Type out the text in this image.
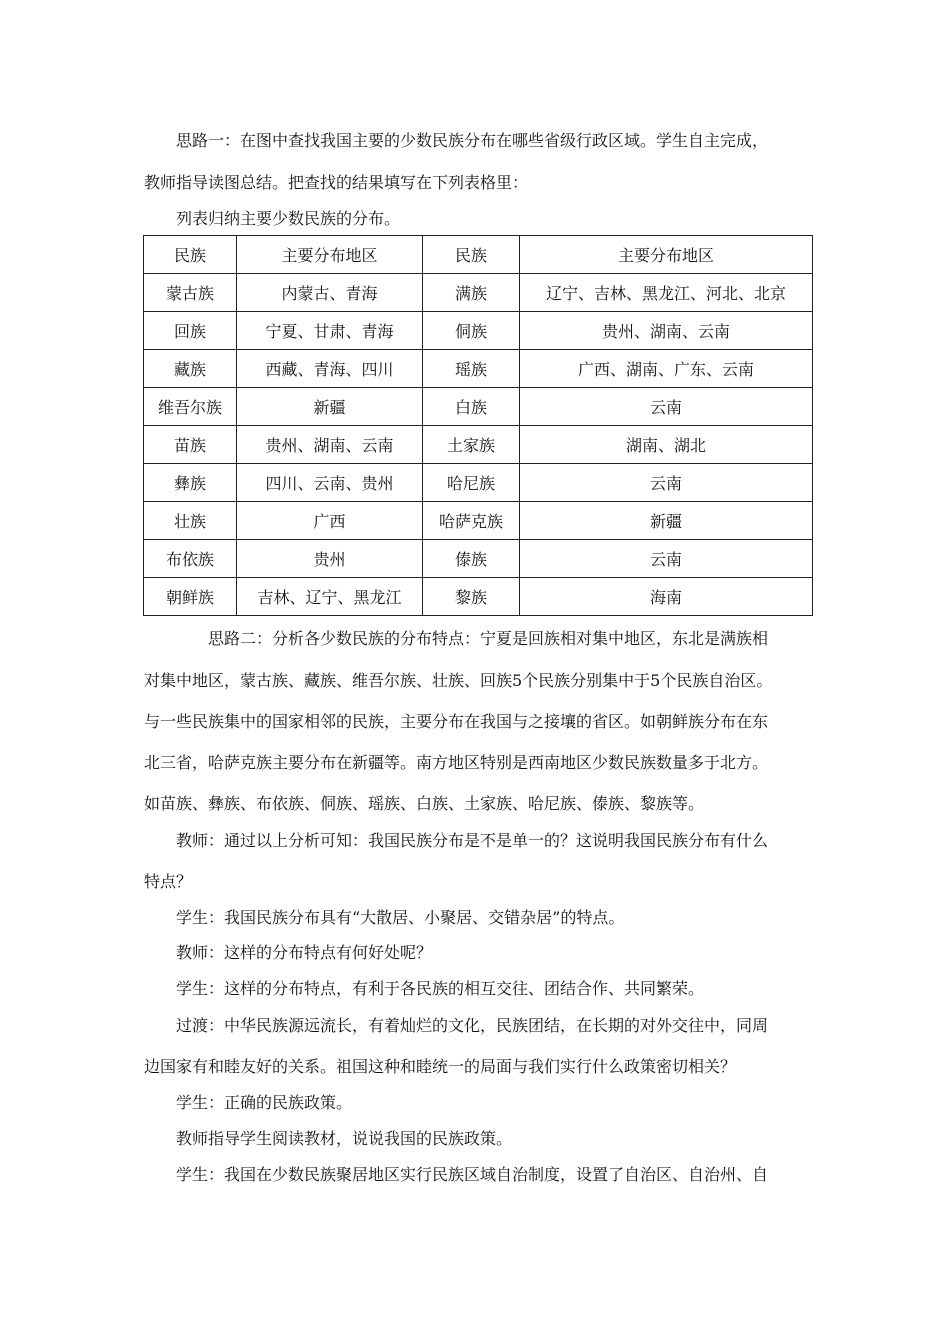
思路一：在图中查找我国主要的少数民族分布在哪些省级行政区域。学生自主完成，

教师指导读图总结。把查找的结果填写在下列表格里：

列表归纳主要少数民族的分布。

民族	主要分布地区	民族	主要分布地区
蒙古族	内蒙古、青海	满族	辽宁、吉林、黑龙江、河北、北京
回族	宁夏、甘肃、青海	侗族	贵州、湖南、云南
藏族	西藏、青海、四川	瑶族	广西、湖南、广东、云南
维吾尔族	新疆	白族	云南
苗族	贵州、湖南、云南	土家族	湖南、湖北
彝族	四川、云南、贵州	哈尼族	云南
壮族	广西	哈萨克族	新疆
布依族	贵州	傣族	云南
朝鲜族	吉林、辽宁、黑龙江	黎族	海南

思路二：分析各少数民族的分布特点：宁夏是回族相对集中地区，东北是满族相

对集中地区，蒙古族、藏族、维吾尔族、壮族、回族5个民族分别集中于5个民族自治区。

与一些民族集中的国家相邻的民族，主要分布在我国与之接壤的省区。如朝鲜族分布在东

北三省，哈萨克族主要分布在新疆等。南方地区特别是西南地区少数民族数量多于北方。

如苗族、彝族、布依族、侗族、瑶族、白族、土家族、哈尼族、傣族、黎族等。

教师：通过以上分析可知：我国民族分布是不是单一的？这说明我国民族分布有什么

特点？

学生：我国民族分布具有“大散居、小聚居、交错杂居”的特点。

教师：这样的分布特点有何好处呢？

学生：这样的分布特点，有利于各民族的相互交往、团结合作、共同繁荣。

过渡：中华民族源远流长，有着灿烂的文化，民族团结，在长期的对外交往中，同周

边国家有和睦友好的关系。祖国这种和睦统一的局面与我们实行什么政策密切相关？

学生：正确的民族政策。

教师指导学生阅读教材，说说我国的民族政策。

学生：我国在少数民族聚居地区实行民族区域自治制度，设置了自治区、自治州、自
